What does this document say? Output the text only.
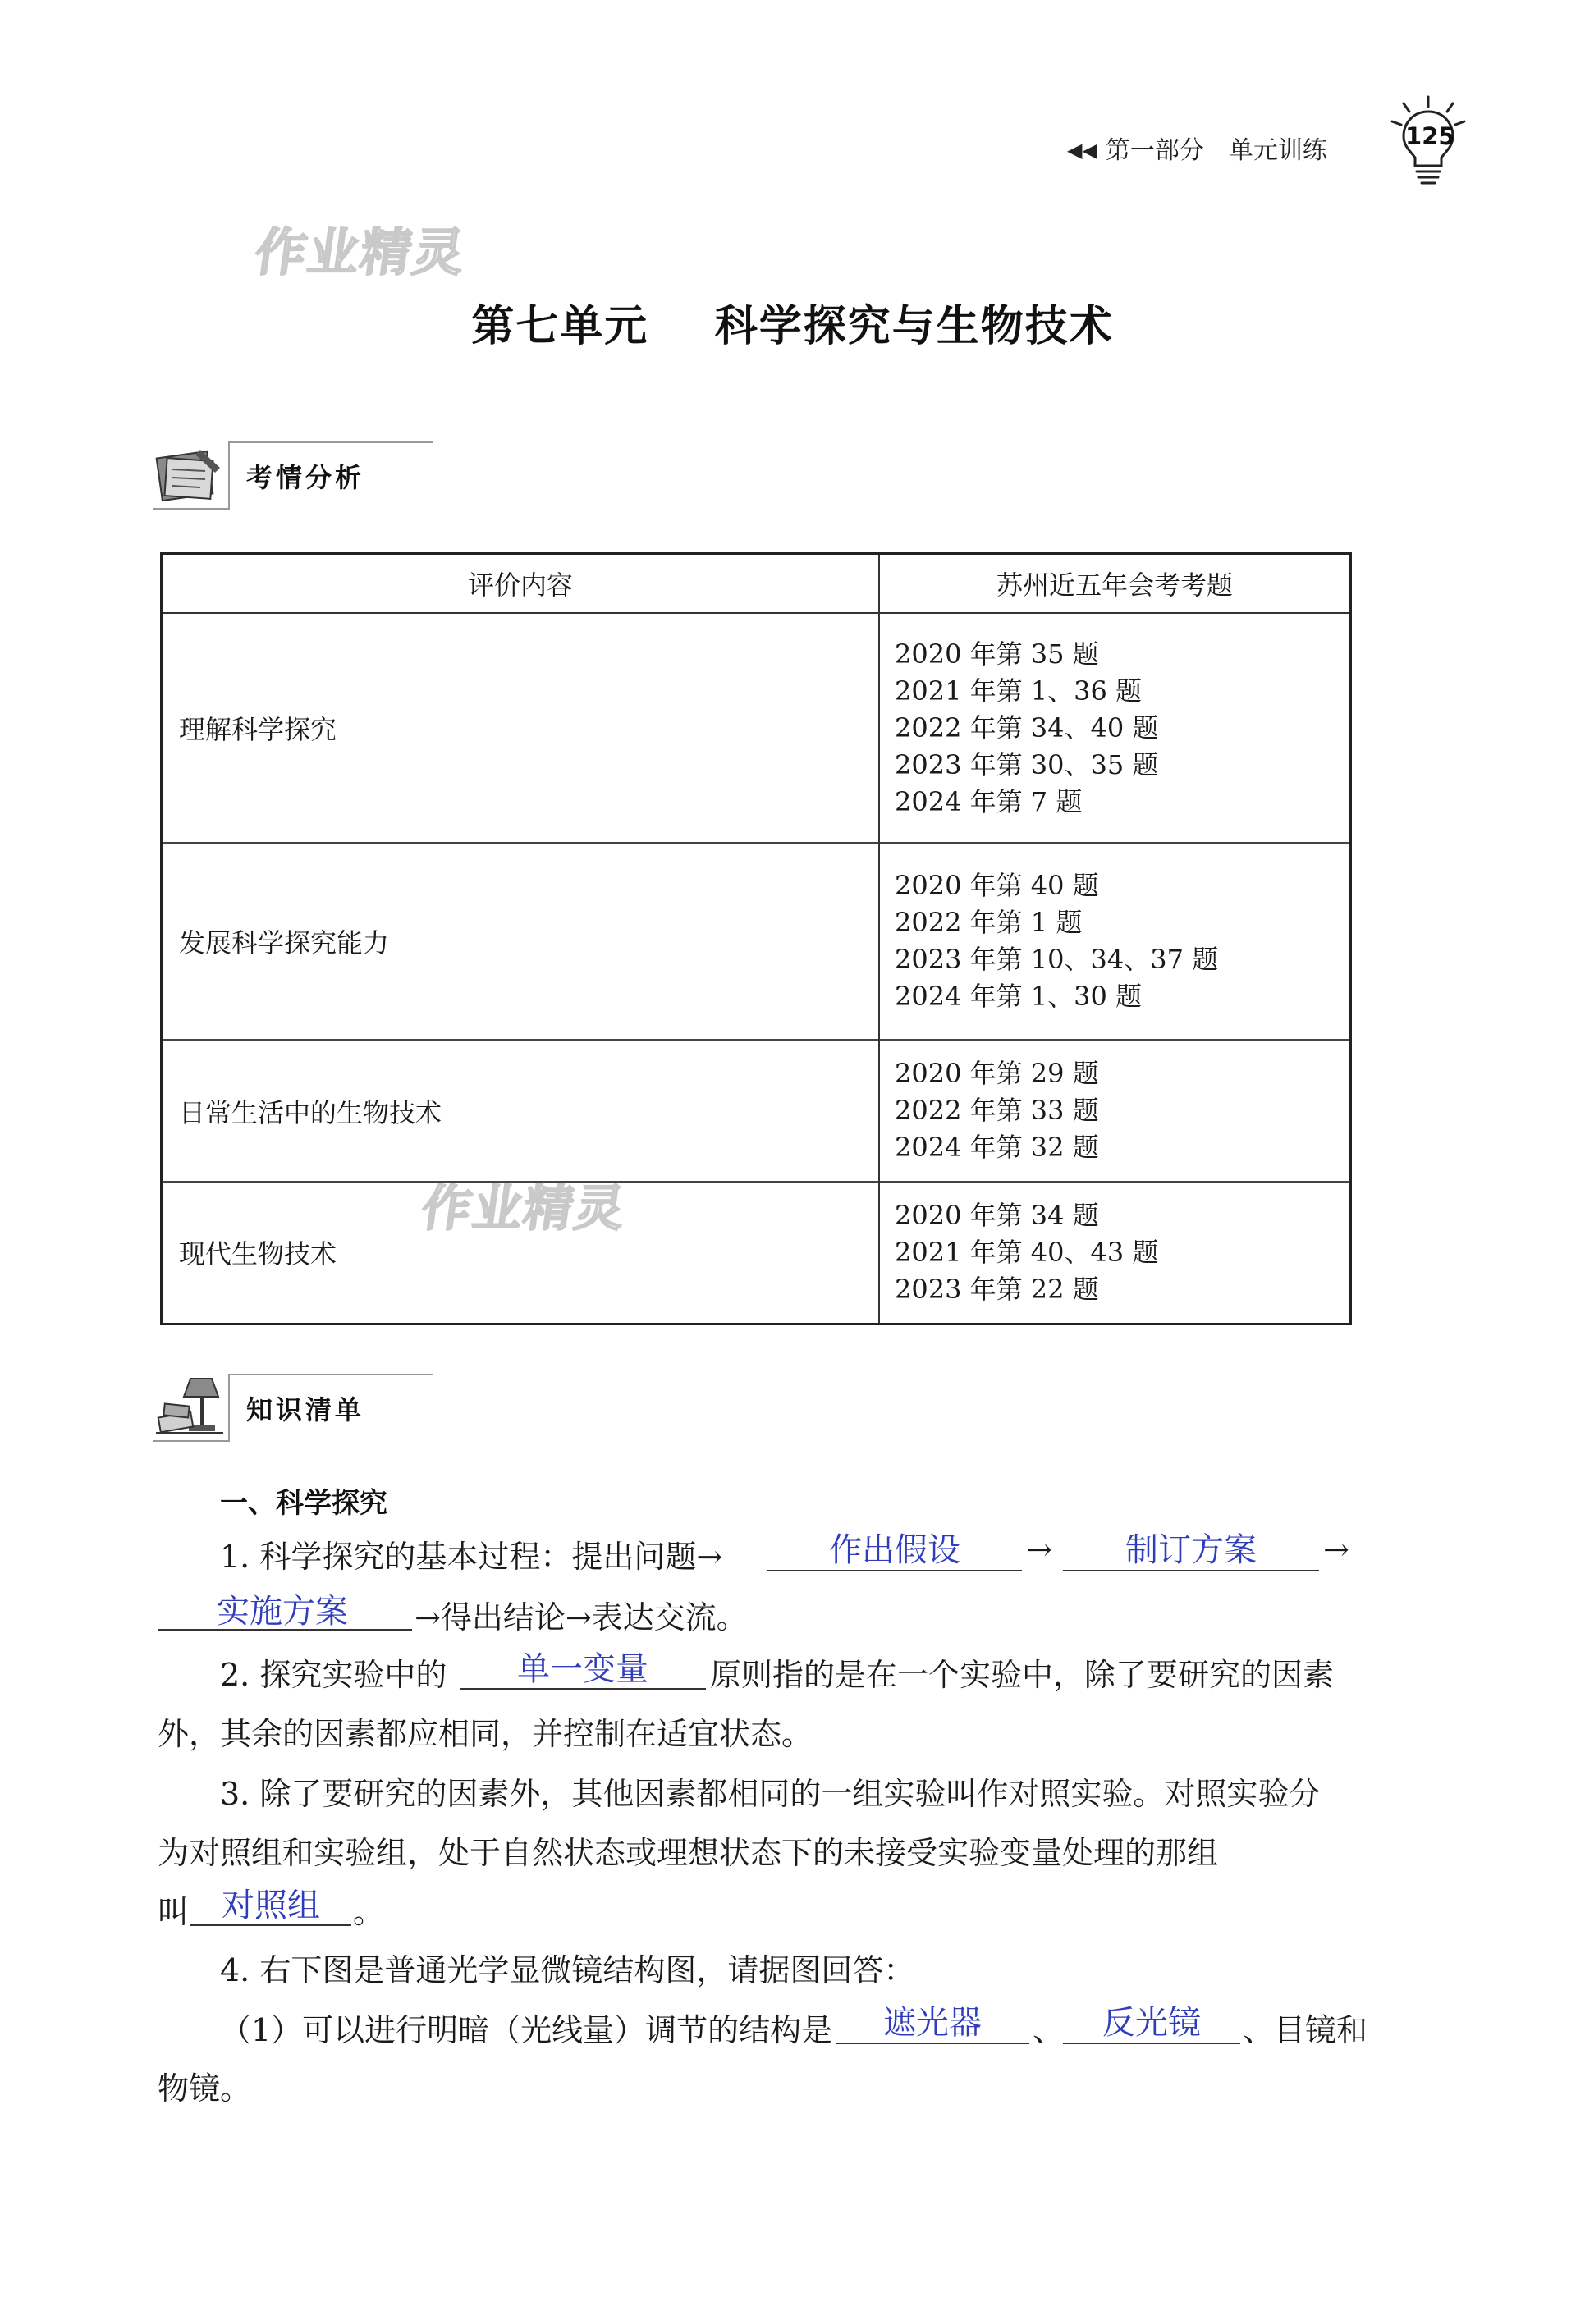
◀◀ 第一部分 单元训练	125
作业精灵
作业精灵
第七单元    科学探究与生物技术
考情分析
评价内容	苏州近五年会考考题
理解科学探究	2020 年第 35 题
2021 年第 1、36 题
2022 年第 34、40 题
2023 年第 30、35 题
2024 年第 7 题

发展科学探究能力	2020 年第 40 题
2022 年第 1 题
2023 年第 10、34、37 题
2024 年第 1、30 题

日常生活中的生物技术	2020 年第 29 题
2022 年第 33 题
2024 年第 32 题

现代生物技术	2020 年第 34 题
2021 年第 40、43 题
2023 年第 22 题
知识清单
一、科学探究
1. 科学探究的基本过程：提出问题→	作出假设	→	制订方案	→
实施方案	→得出结论→表达交流。
2. 探究实验中的	单一变量	原则指的是在一个实验中，除了要研究的因素
外，其余的因素都应相同，并控制在适宜状态。
3. 除了要研究的因素外，其他因素都相同的一组实验叫作对照实验。对照实验分
为对照组和实验组，处于自然状态或理想状态下的未接受实验变量处理的那组
叫 对照组	。
4. 右下图是普通光学显微镜结构图，请据图回答：
（1）可以进行明暗（光线量）调节的结构是	遮光器	、	反光镜	、目镜和
物镜。
